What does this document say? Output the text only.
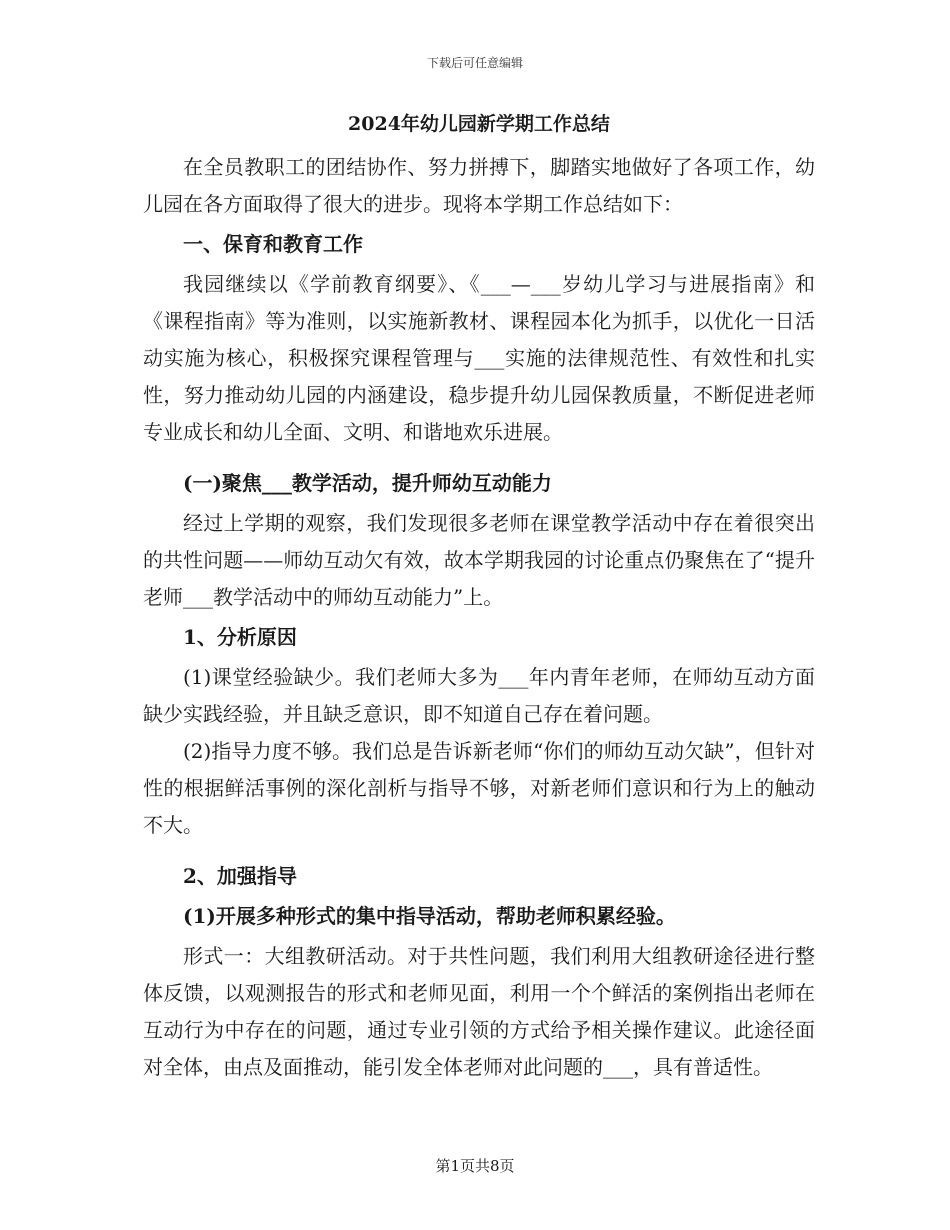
下载后可任意编辑
2024年幼儿园新学期工作总结

在全员教职工的团结协作、努力拼搏下，脚踏实地做好了各项工作，幼儿园在各方面取得了很大的进步。现将本学期工作总结如下：

一、保育和教育工作

我园继续以《学前教育纲要》、《___—___岁幼儿学习与进展指南》和《课程指南》等为准则，以实施新教材、课程园本化为抓手，以优化一日活动实施为核心，积极探究课程管理与___实施的法律规范性、有效性和扎实性，努力推动幼儿园的内涵建设，稳步提升幼儿园保教质量，不断促进老师专业成长和幼儿全面、文明、和谐地欢乐进展。

(一)聚焦___教学活动，提升师幼互动能力

经过上学期的观察，我们发现很多老师在课堂教学活动中存在着很突出的共性问题——师幼互动欠有效，故本学期我园的讨论重点仍聚焦在了“提升老师___教学活动中的师幼互动能力”上。

1、分析原因

(1)课堂经验缺少。我们老师大多为___年内青年老师，在师幼互动方面缺少实践经验，并且缺乏意识，即不知道自己存在着问题。

(2)指导力度不够。我们总是告诉新老师“你们的师幼互动欠缺”，但针对性的根据鲜活事例的深化剖析与指导不够，对新老师们意识和行为上的触动不大。

2、加强指导
(1)开展多种形式的集中指导活动，帮助老师积累经验。

形式一：大组教研活动。对于共性问题，我们利用大组教研途径进行整体反馈，以观测报告的形式和老师见面，利用一个个鲜活的案例指出老师在互动行为中存在的问题，通过专业引领的方式给予相关操作建议。此途径面对全体，由点及面推动，能引发全体老师对此问题的___，具有普适性。

第1页共8页
